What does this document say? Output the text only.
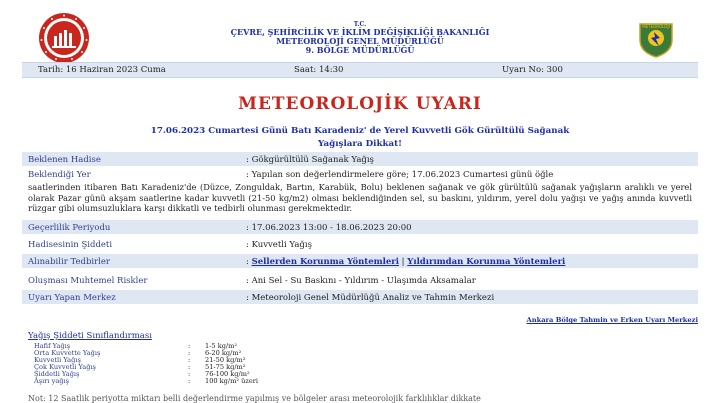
T.C.
ÇEVRE, ŞEHİRCİLİK VE İKLİM DEĞİŞİKLİĞİ BAKANLIĞI
METEOROLOJİ GENEL MÜDÜRLÜĞÜ
9. BÖLGE MÜDÜRLÜĞÜ
METEOROLOJİ
Tarih: 16 Haziran 2023 Cuma	Saat: 14:30	Uyarı No: 300
METEOROLOJİK UYARI
17.06.2023 Cumartesi Günü Batı Karadeniz' de Yerel Kuvvetli Gök Gürültülü Sağanak
Yağışlara Dikkat!
Beklenen Hadise	: Gökgürültülü Sağanak Yağış
Beklendiği Yer	: Yapılan son değerlendirmelere göre; 17.06.2023 Cumartesi günü öğle
saatlerinden itibaren Batı Karadeniz'de (Düzce, Zonguldak, Bartın, Karabük, Bolu) beklenen sağanak ve gök gürültülü sağanak yağışların aralıklı ve yerel olarak Pazar günü akşam saatlerine kadar kuvvetli (21-50 kg/m2) olması beklendiğinden sel, su baskını, yıldırım, yerel dolu yağışı ve yağış anında kuvvetli rüzgar gibi olumsuzluklara karşı dikkatli ve tedbirli olunması gerekmektedir.
Geçerlilik Periyodu	: 17.06.2023 13:00 - 18.06.2023 20:00
Hadisesinin Şiddeti	: Kuvvetli Yağış
Alınabilir Tedbirler	: Sellerden Korunma Yöntemleri | Yıldırımdan Korunma Yöntemleri
Oluşması Muhtemel Riskler	: Ani Sel - Su Baskını - Yıldırım - Ulaşımda Aksamalar
Uyarı Yapan Merkez	: Meteoroloji Genel Müdürlüğü Analiz ve Tahmin Merkezi
Ankara Bölge Tahmin ve Erken Uyarı Merkezi
Yağış Şiddeti Sınıflandırması
Hafif Yağış	: 1-5 kg/m²
Orta Kuvvette Yağış	: 6-20 kg/m²
Kuvvetli Yağış	: 21-50 kg/m²
Çok Kuvvetli Yağış	: 51-75 kg/m²
Şiddetli Yağış	: 76-100 kg/m²
Aşırı yağış	: 100 kg/m² üzeri
Not: 12 Saatlik periyotta miktarı belli değerlendirme yapılmış ve bölgeler arası meteorolojik farklılıklar dikkate
